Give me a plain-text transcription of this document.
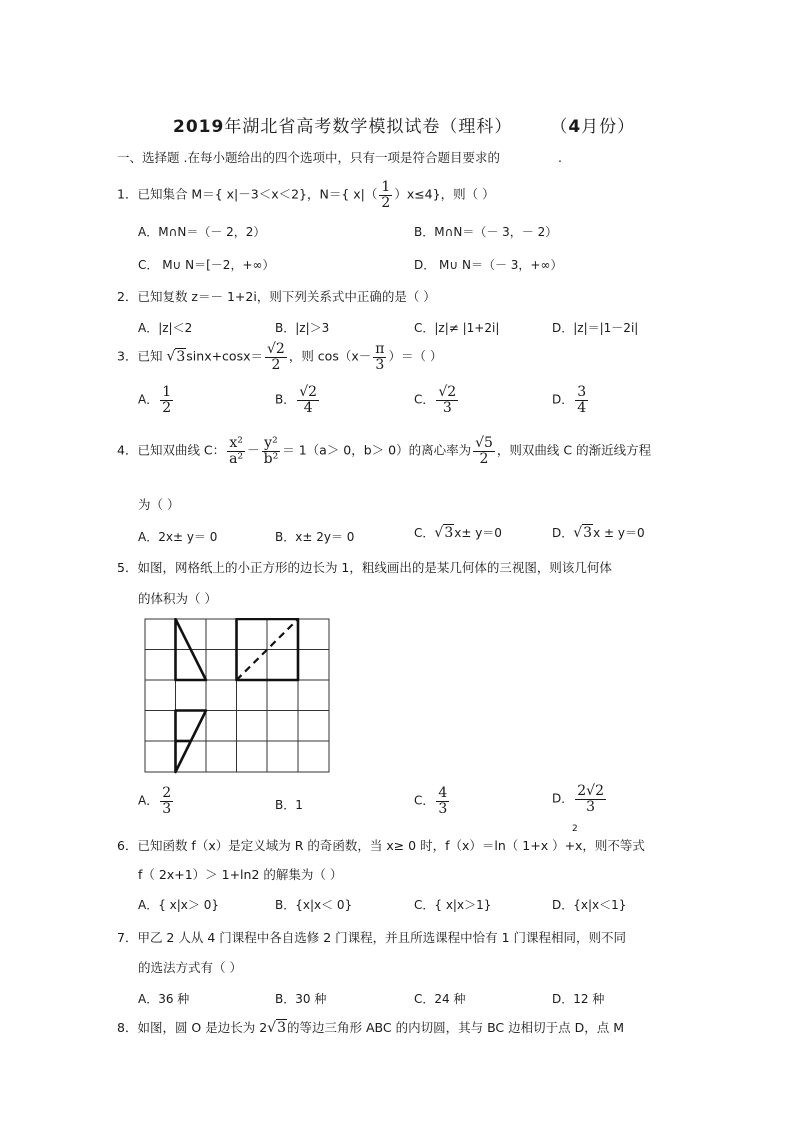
2019年湖北省高考数学模拟试卷（理科） （4月份）
一、选择题 .在每小题给出的四个选项中，只有一项是符合题目要求的	.
1．已知集合 M＝{ x|－3＜x＜2}，N＝{ $x|( \frac{1}{2} )x\le 4$}，则（ ）
A．M∩N＝（－ 2，2）	B．M∩N＝（－ 3，－ 2）
C． M∪ N＝[－2，+∞）	D． M∪ N＝（－ 3，+∞）
2．已知复数 z＝－ 1+2i，则下列关系式中正确的是（ ）
A．|z|＜2	B．|z|＞3	C．|z|≠ |1+2i|	D．|z|＝|1－2i|
3．已知 $√3\sin x+\cos x= \frac{√2}{2}$ ，则 $\cos(x- \frac{\pi}{3}$ ）＝（ ）
A． $\frac{1}{2}$	B． $\frac{√2}{4}$	C． $\frac{√2}{3}$	D． $\frac{3}{4}$
4．已知双曲线 C： $\frac{\text{x²}}{\text{a²}} - \frac{\text{y²}}{\text{b²}} = 1(a> 0$，b＞ 0）的离心率为 $\frac{√5}{2}$ ，则双曲线 C 的渐近线方程
为（ ）
A．2x± y＝ 0	B．x± 2y＝ 0	C．√3x± y＝0	D．√3x ± y＝0
5．如图，网格纸上的小正方形的边长为 1，粗线画出的是某几何体的三视图，则该几何体
的体积为（ ）
A． $\frac{2}{3}$	B．1	C． $\frac{4}{3}$	D． $\frac{2√2}{3}$
2
6．已知函数 f（x）是定义域为 R 的奇函数，当 x≥ 0 时，f（x）＝ln（ 1+x ）+x，则不等式
f（ 2x+1）＞ 1+ln2 的解集为（ ）
A．{ x|x＞ 0}	B．{x|x＜ 0}	C．{ x|x＞1}	D．{x|x＜1}
7．甲乙 2 人从 4 门课程中各自选修 2 门课程，并且所选课程中恰有 1 门课程相同，则不同
的选法方式有（ ）
A．36 种	B．30 种	C．24 种	D．12 种
8．如图，圆 O 是边长为 2√3的等边三角形 ABC 的内切圆，其与 BC 边相切于点 D，点 M
